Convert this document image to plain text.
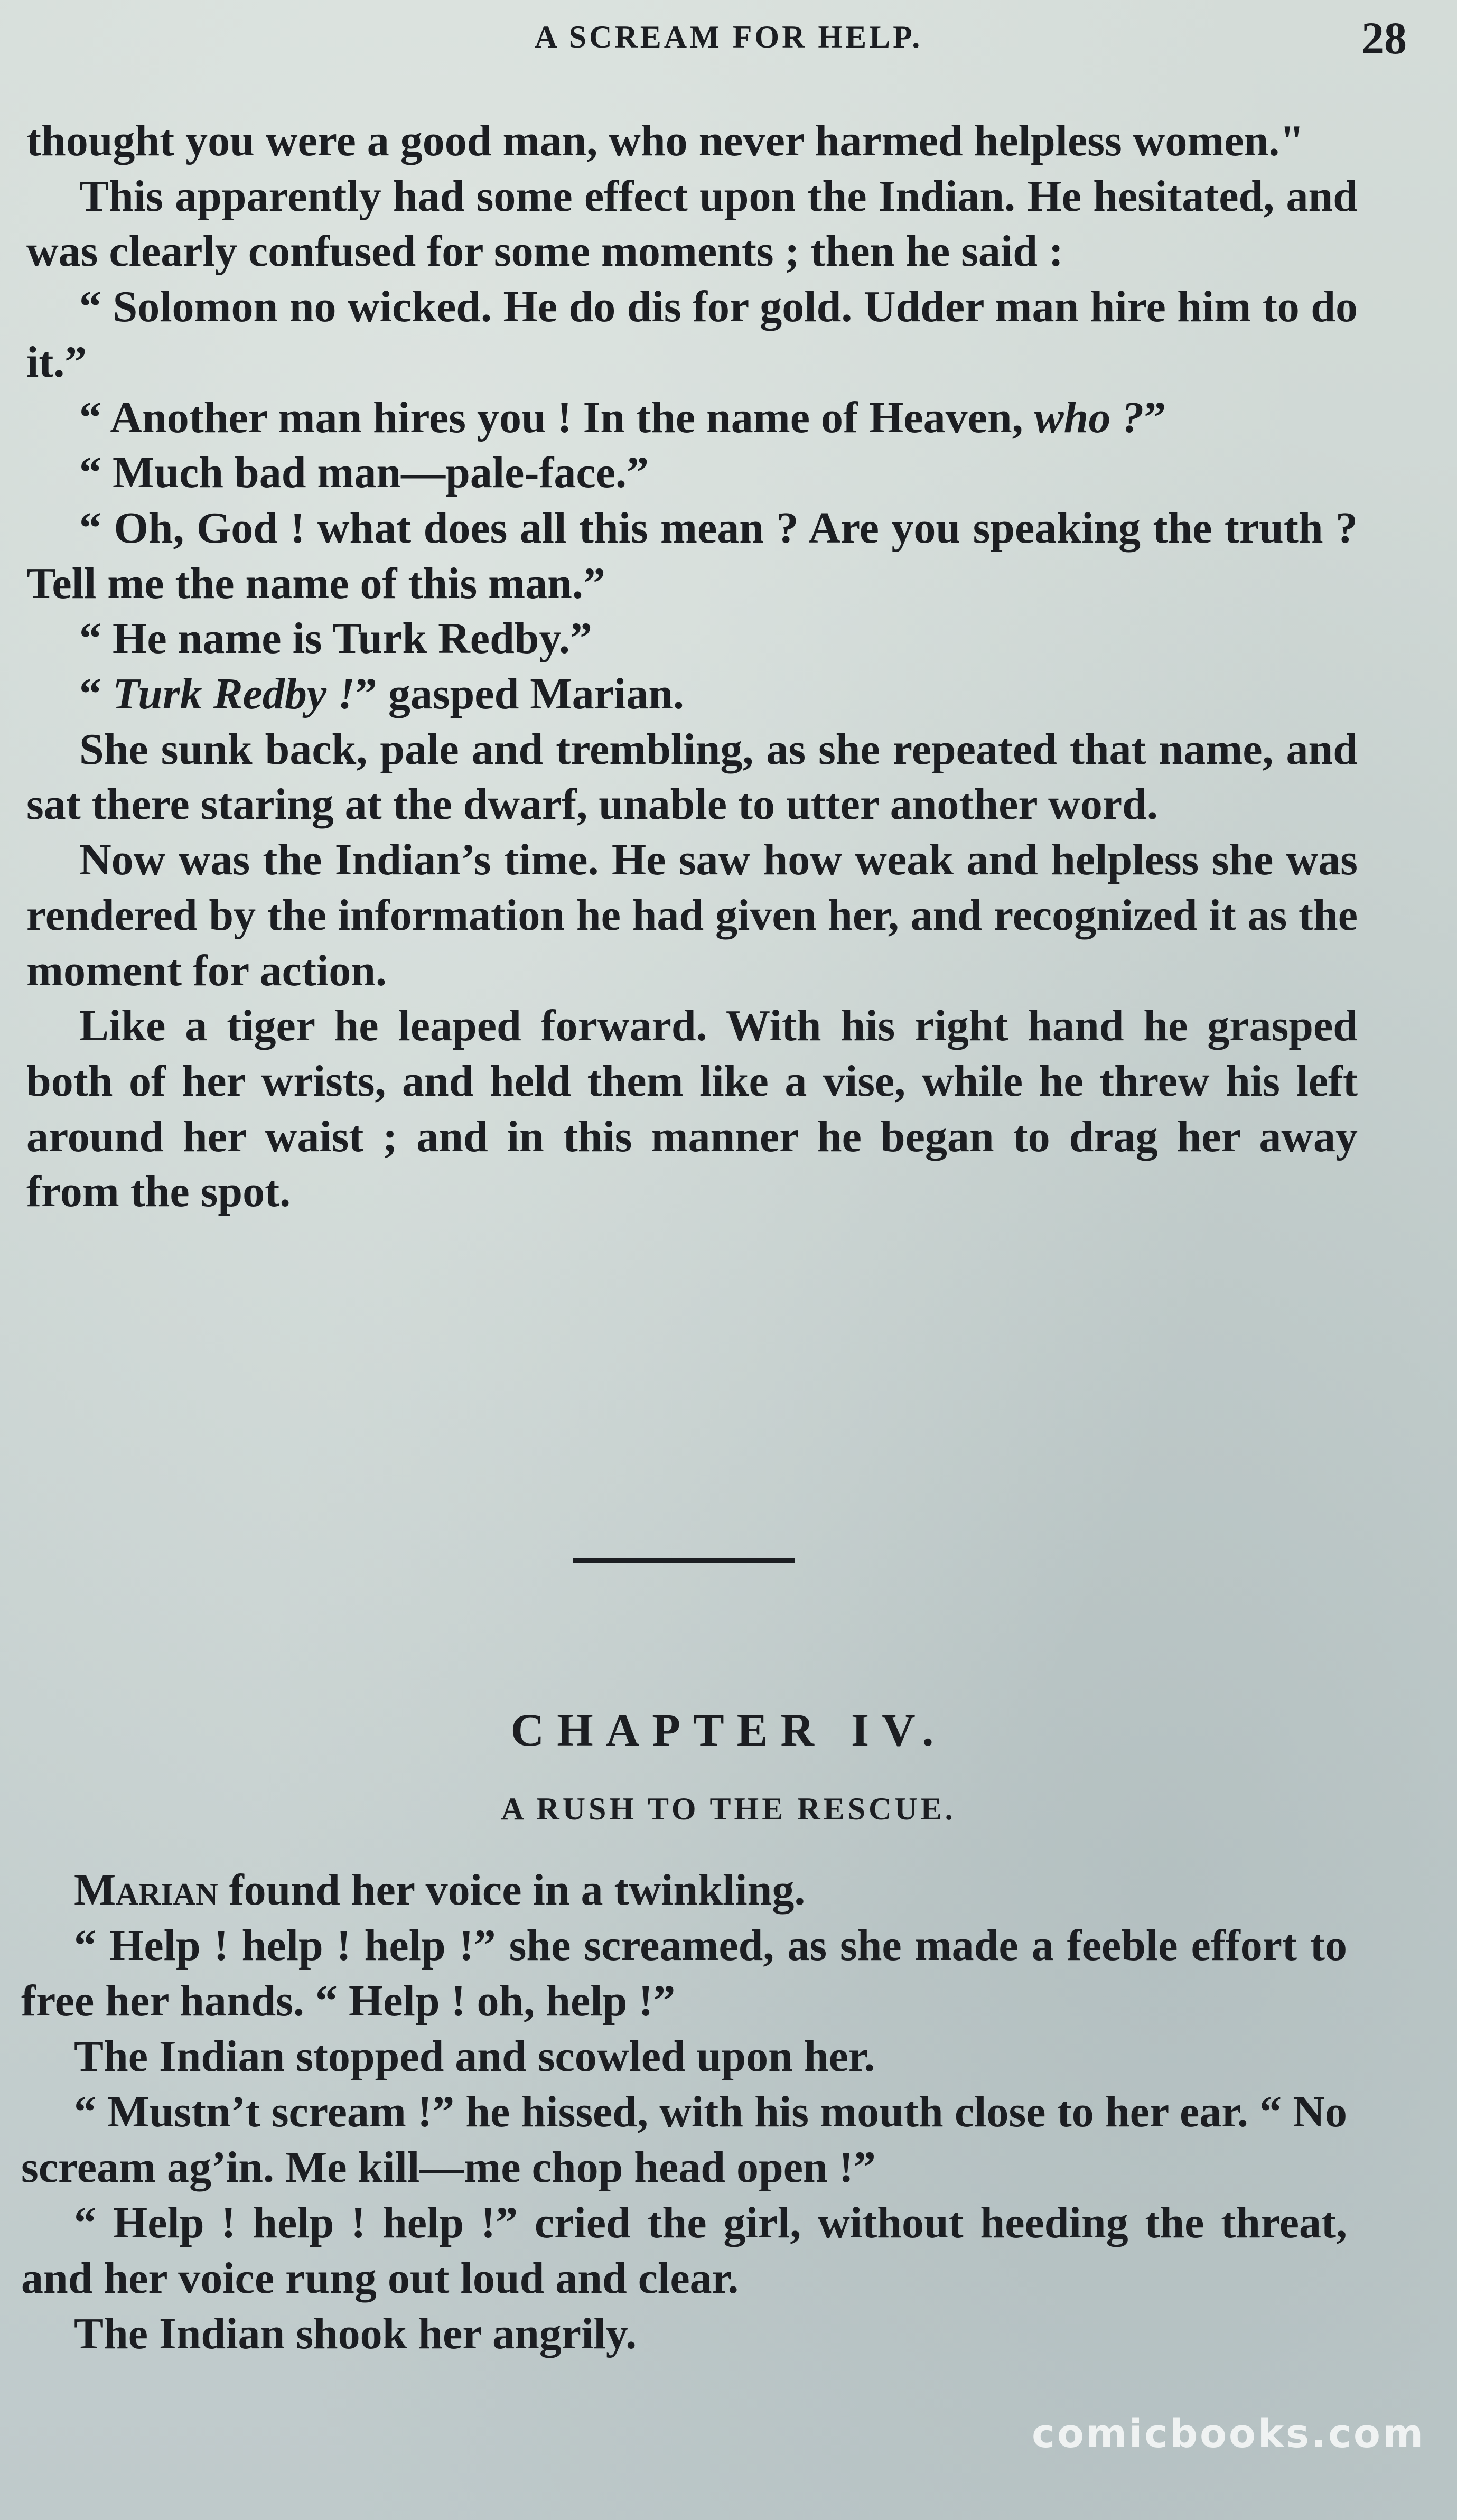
A SCREAM FOR HELP.	28

thought you were a good man, who never harmed helpless women."

This apparently had some effect upon the Indian. He hesitated, and was clearly confused for some moments ; then he said :

“ Solomon no wicked. He do dis for gold. Udder man hire him to do it.”

“ Another man hires you ! In the name of Heaven, who ?”

“ Much bad man—pale-face.”

“ Oh, God ! what does all this mean ? Are you speaking the truth ? Tell me the name of this man.”

“ He name is Turk Redby.”

“ Turk Redby !” gasped Marian.

She sunk back, pale and trembling, as she repeated that name, and sat there staring at the dwarf, unable to utter another word.

Now was the Indian’s time. He saw how weak and helpless she was rendered by the information he had given her, and recognized it as the moment for action.

Like a tiger he leaped forward. With his right hand he grasped both of her wrists, and held them like a vise, while he threw his left around her waist ; and in this manner he began to drag her away from the spot.

CHAPTER IV.
A RUSH TO THE RESCUE.

Marian found her voice in a twinkling.

“ Help ! help ! help !” she screamed, as she made a feeble effort to free her hands. “ Help ! oh, help !”

The Indian stopped and scowled upon her.

“ Mustn’t scream !” he hissed, with his mouth close to her ear. “ No scream ag’in. Me kill—me chop head open !”

“ Help ! help ! help !” cried the girl, without heeding the threat, and her voice rung out loud and clear.

The Indian shook her angrily.

comicbooks.com
